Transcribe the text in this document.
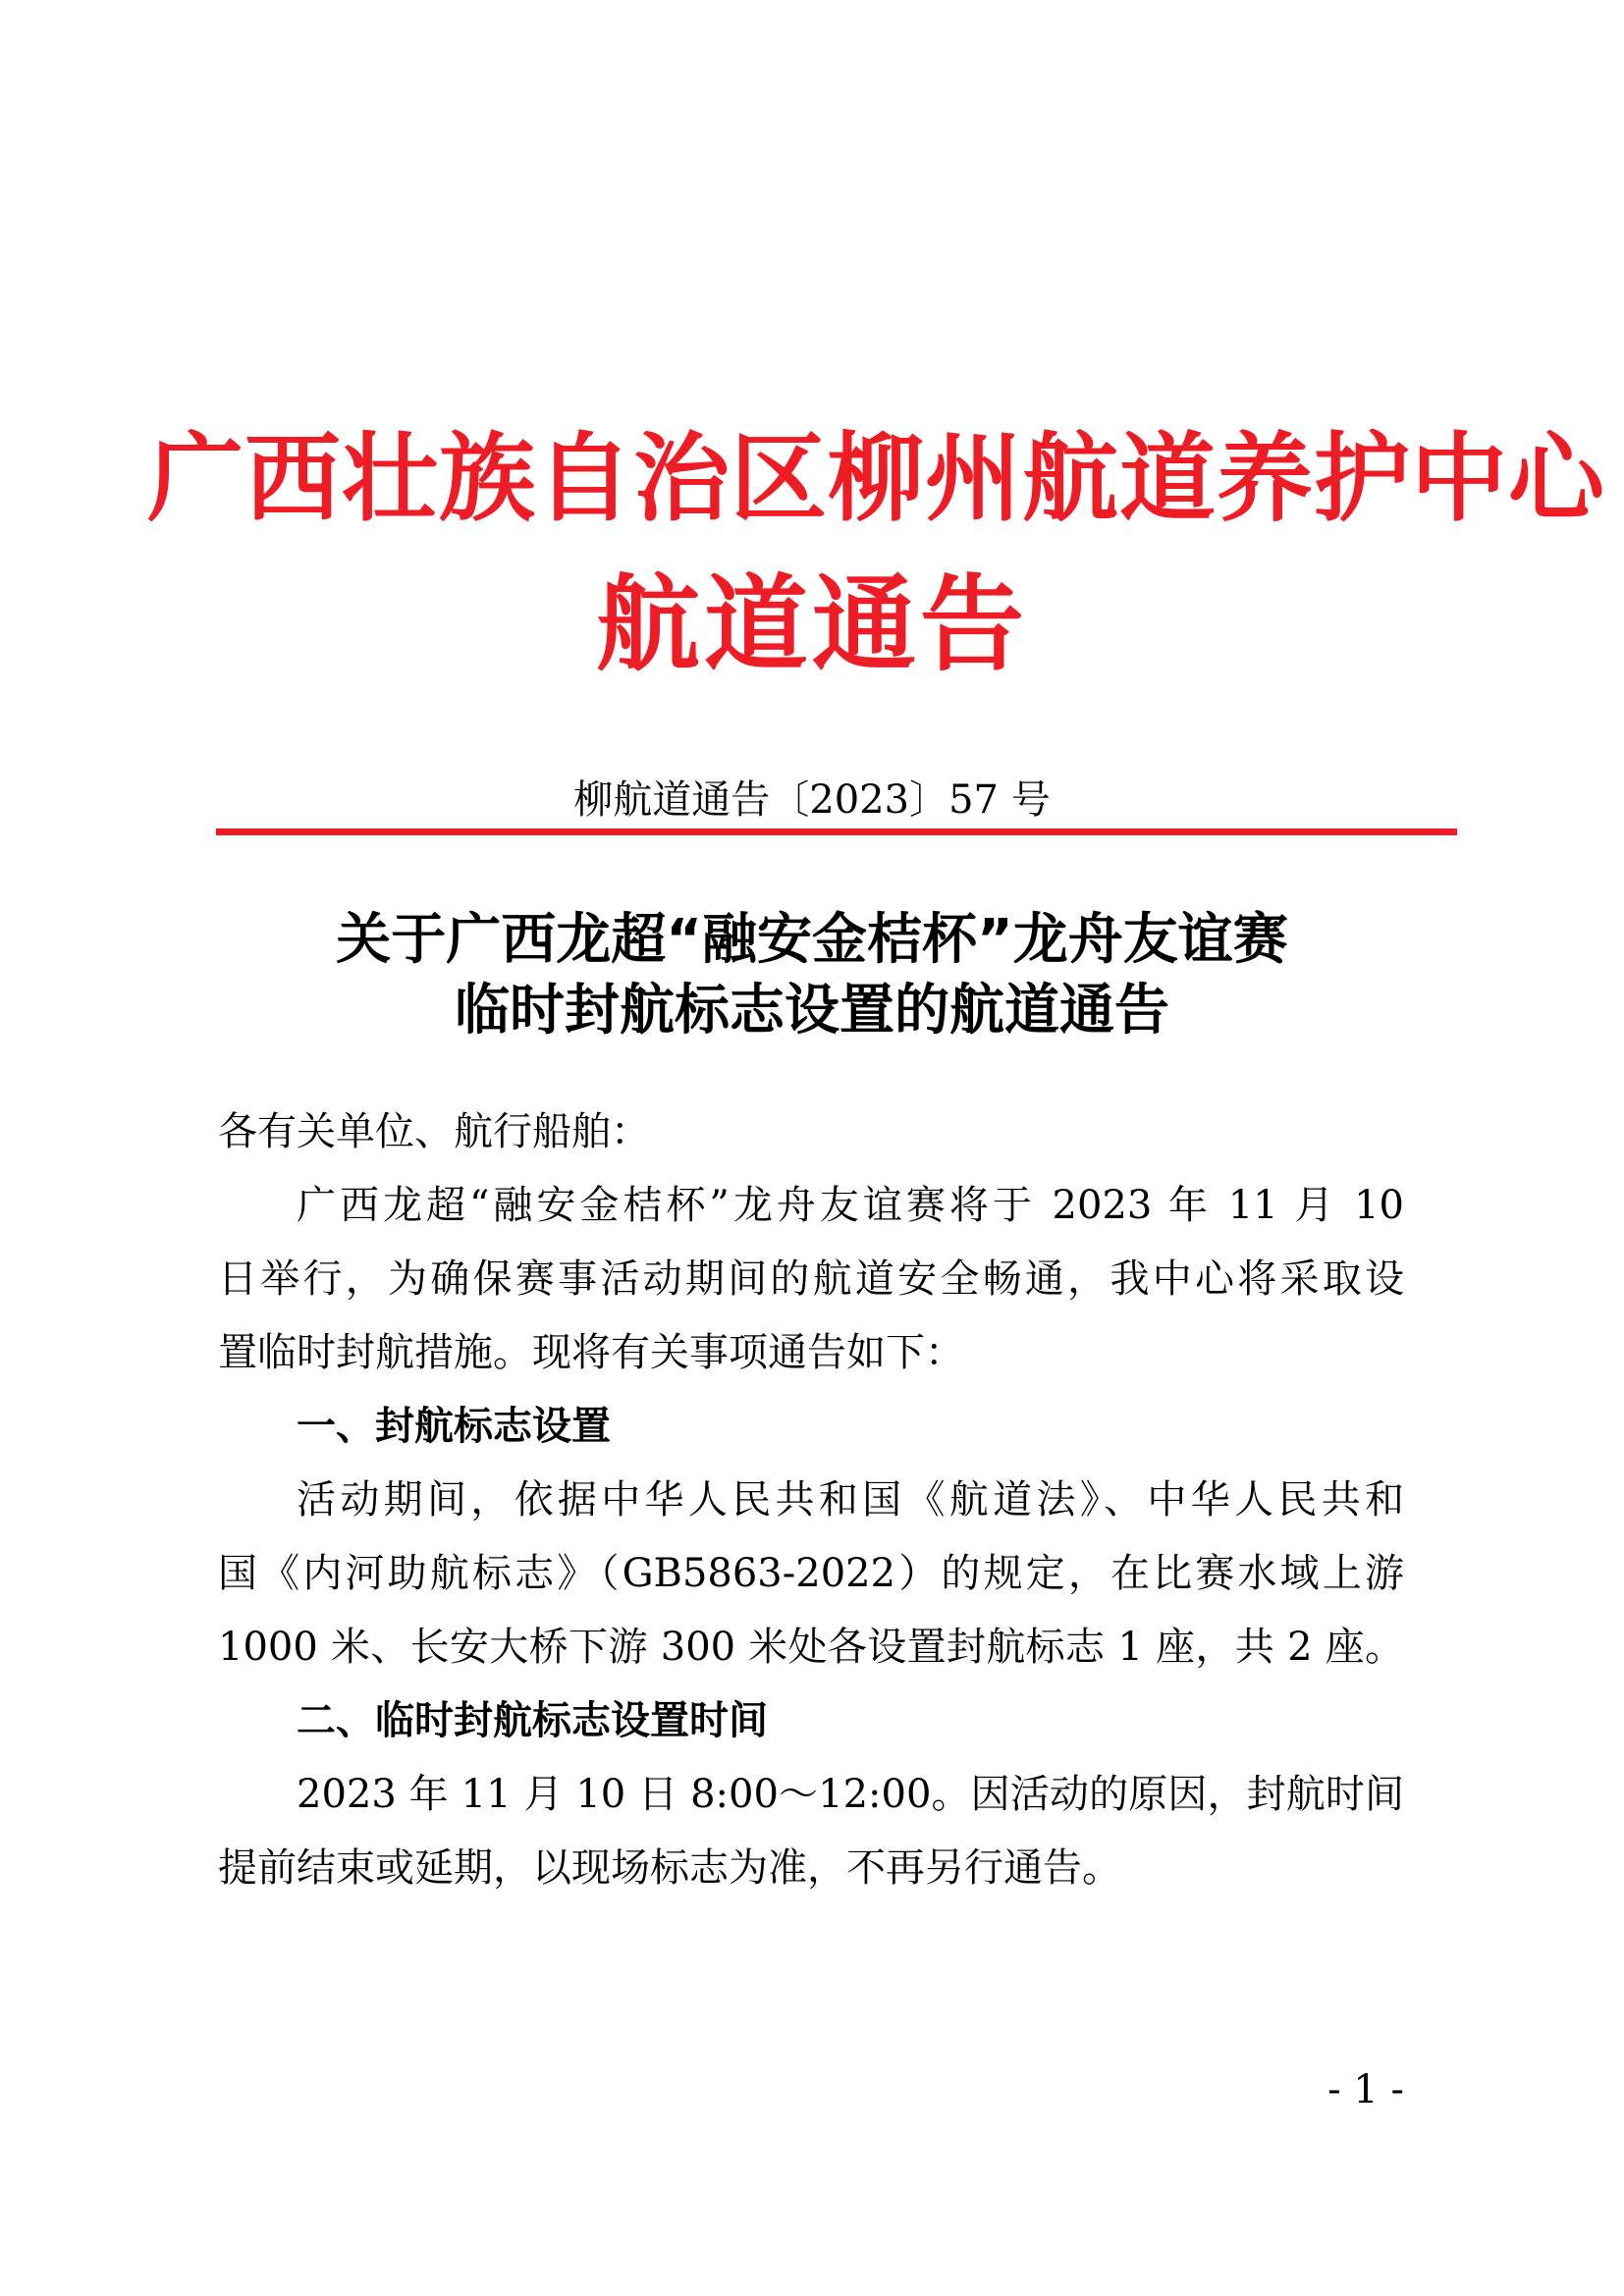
广西壮族自治区柳州航道养护中心
航道通告
柳航道通告〔2023〕57 号
关于广西龙超“融安金桔杯”龙舟友谊赛
临时封航标志设置的航道通告
各有关单位、航行船舶：
广西龙超“融安金桔杯”龙舟友谊赛将于 2023 年 11 月 10
日举行，为确保赛事活动期间的航道安全畅通，我中心将采取设
置临时封航措施。现将有关事项通告如下：
一、封航标志设置
活动期间，依据中华人民共和国《航道法》、中华人民共和
国《内河助航标志》（GB5863-2022）的规定，在比赛水域上游
1000 米、长安大桥下游 300 米处各设置封航标志 1 座，共 2 座。
二、临时封航标志设置时间
2023 年 11 月 10 日 8:00～12:00。因活动的原因，封航时间
提前结束或延期，以现场标志为准，不再另行通告。
- 1 -
